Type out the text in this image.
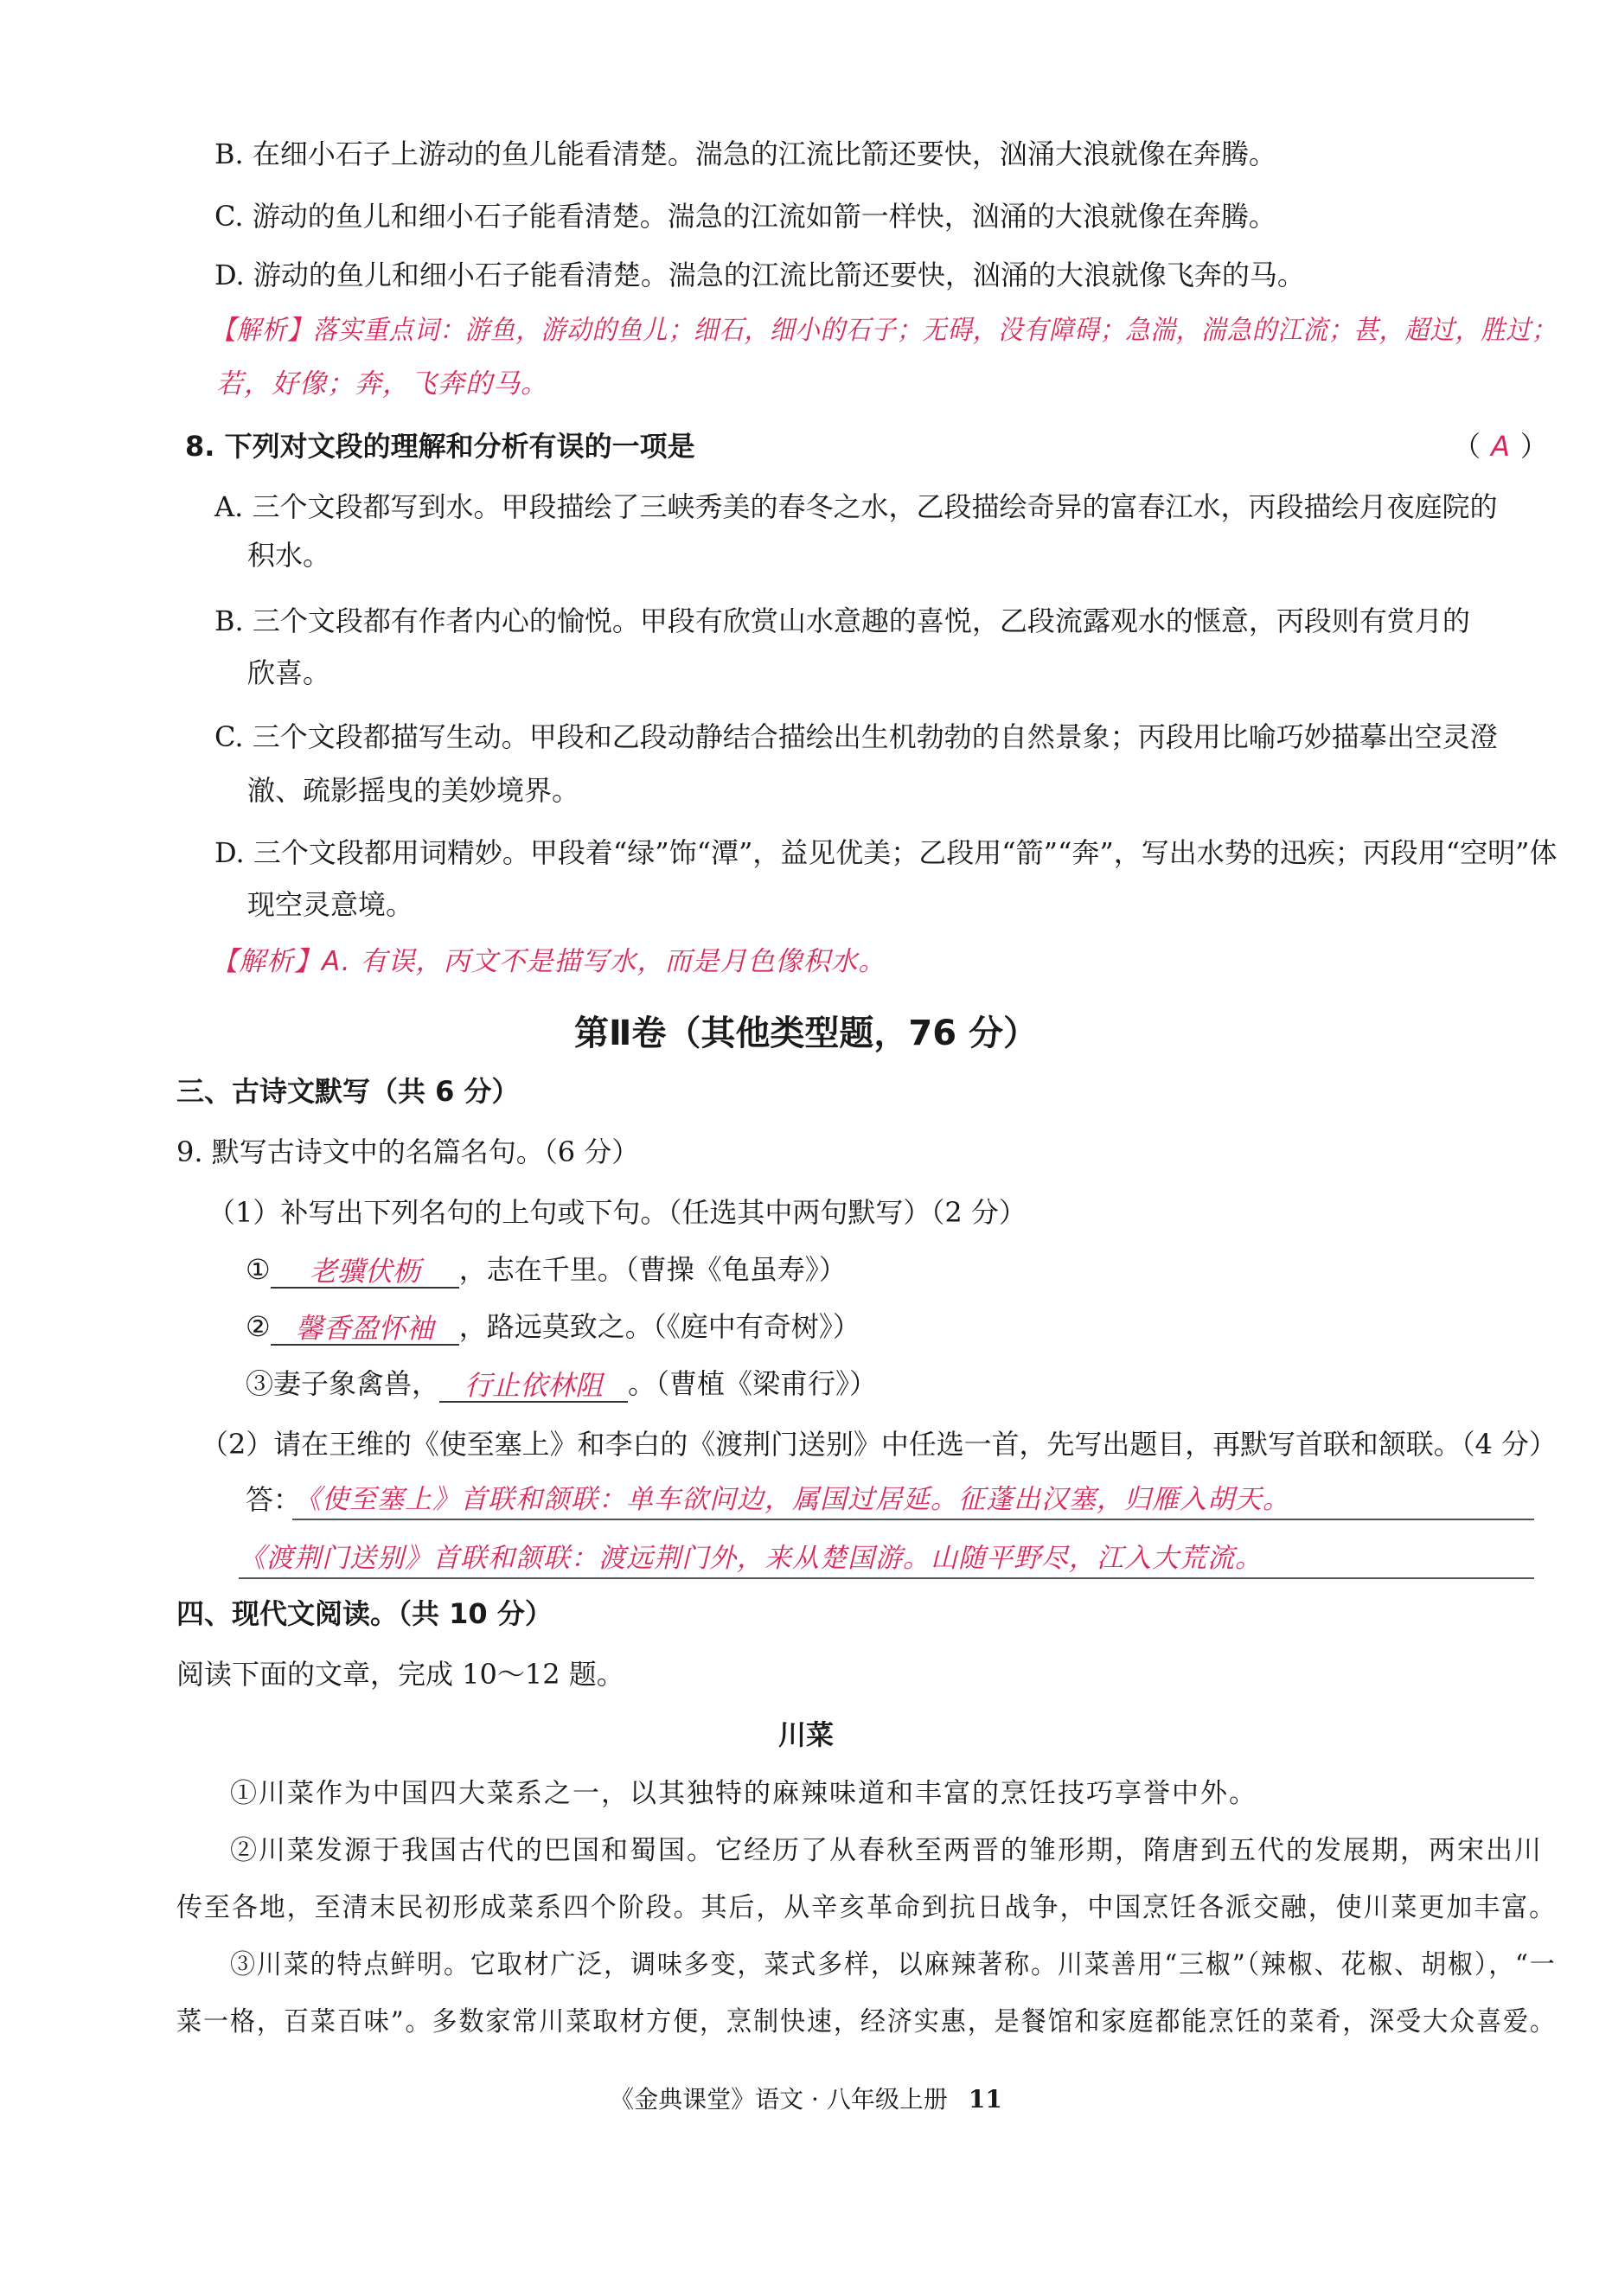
B. 在细小石子上游动的鱼儿能看清楚。湍急的江流比箭还要快，汹涌大浪就像在奔腾。
C. 游动的鱼儿和细小石子能看清楚。湍急的江流如箭一样快，汹涌的大浪就像在奔腾。
D. 游动的鱼儿和细小石子能看清楚。湍急的江流比箭还要快，汹涌的大浪就像飞奔的马。
【解析】落实重点词：游鱼，游动的鱼儿；细石，细小的石子；无碍，没有障碍；急湍，湍急的江流；甚，超过，胜过；
若，好像；奔，飞奔的马。
8. 下列对文段的理解和分析有误的一项是	（ A ）
A. 三个文段都写到水。甲段描绘了三峡秀美的春冬之水，乙段描绘奇异的富春江水，丙段描绘月夜庭院的
积水。
B. 三个文段都有作者内心的愉悦。甲段有欣赏山水意趣的喜悦，乙段流露观水的惬意，丙段则有赏月的
欣喜。
C. 三个文段都描写生动。甲段和乙段动静结合描绘出生机勃勃的自然景象；丙段用比喻巧妙描摹出空灵澄
澈、疏影摇曳的美妙境界。
D. 三个文段都用词精妙。甲段着“绿”饰“潭”，益见优美；乙段用“箭”“奔”，写出水势的迅疾；丙段用“空明”体
现空灵意境。
【解析】A. 有误，丙文不是描写水，而是月色像积水。
第Ⅱ卷（其他类型题，76 分）
三、古诗文默写（共 6 分）
9. 默写古诗文中的名篇名句。（6 分）
（1）补写出下列名句的上句或下句。（任选其中两句默写）（2 分）
① 老骥伏枥 ，志在千里。（曹操《龟虽寿》）
② 馨香盈怀袖 ，路远莫致之。（《庭中有奇树》）
③妻子象禽兽， 行止依林阻 。（曹植《梁甫行》）
（2）请在王维的《使至塞上》和李白的《渡荆门送别》中任选一首，先写出题目，再默写首联和颔联。（4 分）
答：
《使至塞上》首联和颔联：单车欲问边，属国过居延。征蓬出汉塞，归雁入胡天。
《渡荆门送别》首联和颔联：渡远荆门外，来从楚国游。山随平野尽，江入大荒流。
四、现代文阅读。（共 10 分）
阅读下面的文章，完成 10～12 题。
川菜
①川菜作为中国四大菜系之一，以其独特的麻辣味道和丰富的烹饪技巧享誉中外。
②川菜发源于我国古代的巴国和蜀国。它经历了从春秋至两晋的雏形期，隋唐到五代的发展期，两宋出川
传至各地，至清末民初形成菜系四个阶段。其后，从辛亥革命到抗日战争，中国烹饪各派交融，使川菜更加丰富。
③川菜的特点鲜明。它取材广泛，调味多变，菜式多样，以麻辣著称。川菜善用“三椒”（辣椒、花椒、胡椒），“一
菜一格，百菜百味”。多数家常川菜取材方便，烹制快速，经济实惠，是餐馆和家庭都能烹饪的菜肴，深受大众喜爱。
《金典课堂》语文 · 八年级上册 11
